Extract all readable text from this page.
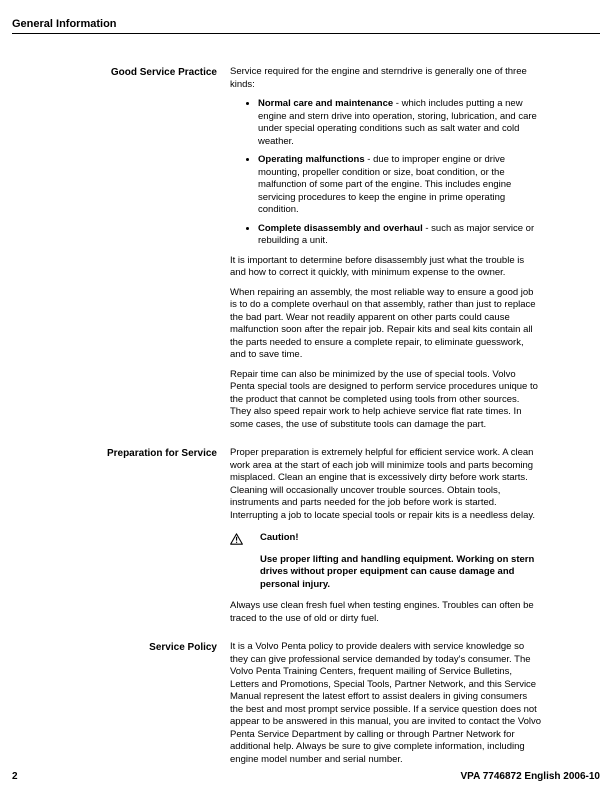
General Information
Good Service Practice Service required for the engine and sterndrive is generally one of three kinds:

• Normal care and maintenance - which includes putting a new engine and stern drive into operation, storing, lubrication, and care under special operating conditions such as salt water and cold weather.
• Operating malfunctions - due to improper engine or drive mounting, propeller condition or size, boat condition, or the malfunction of some part of the engine. This includes engine servicing procedures to keep the engine in prime operating condition.
• Complete disassembly and overhaul - such as major service or rebuilding a unit.

It is important to determine before disassembly just what the trouble is and how to correct it quickly, with minimum expense to the owner.

When repairing an assembly, the most reliable way to ensure a good job is to do a complete overhaul on that assembly, rather than just to replace the bad part. Wear not readily apparent on other parts could cause malfunction soon after the repair job. Repair kits and seal kits contain all the parts needed to ensure a complete repair, to eliminate guesswork, and to save time.

Repair time can also be minimized by the use of special tools. Volvo Penta special tools are designed to perform service procedures unique to the product that cannot be completed using tools from other sources. They also speed repair work to help achieve service flat rate times. In some cases, the use of substitute tools can damage the part.

Preparation for Service Proper preparation is extremely helpful for efficient service work. A clean work area at the start of each job will minimize tools and parts becoming misplaced. Clean an engine that is excessively dirty before work starts. Cleaning will occasionally uncover trouble sources. Obtain tools, instruments and parts needed for the job before work is started. Interrupting a job to locate special tools or repair kits is a needless delay.

Caution!

Use proper lifting and handling equipment. Working on stern drives without proper equipment can cause damage and personal injury.

Always use clean fresh fuel when testing engines. Troubles can often be traced to the use of old or dirty fuel.

Service Policy It is a Volvo Penta policy to provide dealers with service knowledge so they can give professional service demanded by today's consumer. The Volvo Penta Training Centers, frequent mailing of Service Bulletins, Letters and Promotions, Special Tools, Partner Network, and this Service Manual represent the latest effort to assist dealers in giving consumers the best and most prompt service possible. If a service question does not appear to be answered in this manual, you are invited to contact the Volvo Penta Service Department by calling or through Partner Network for additional help. Always be sure to give complete information, including engine model number and serial number.

2	VPA 7746872 English 2006-10
